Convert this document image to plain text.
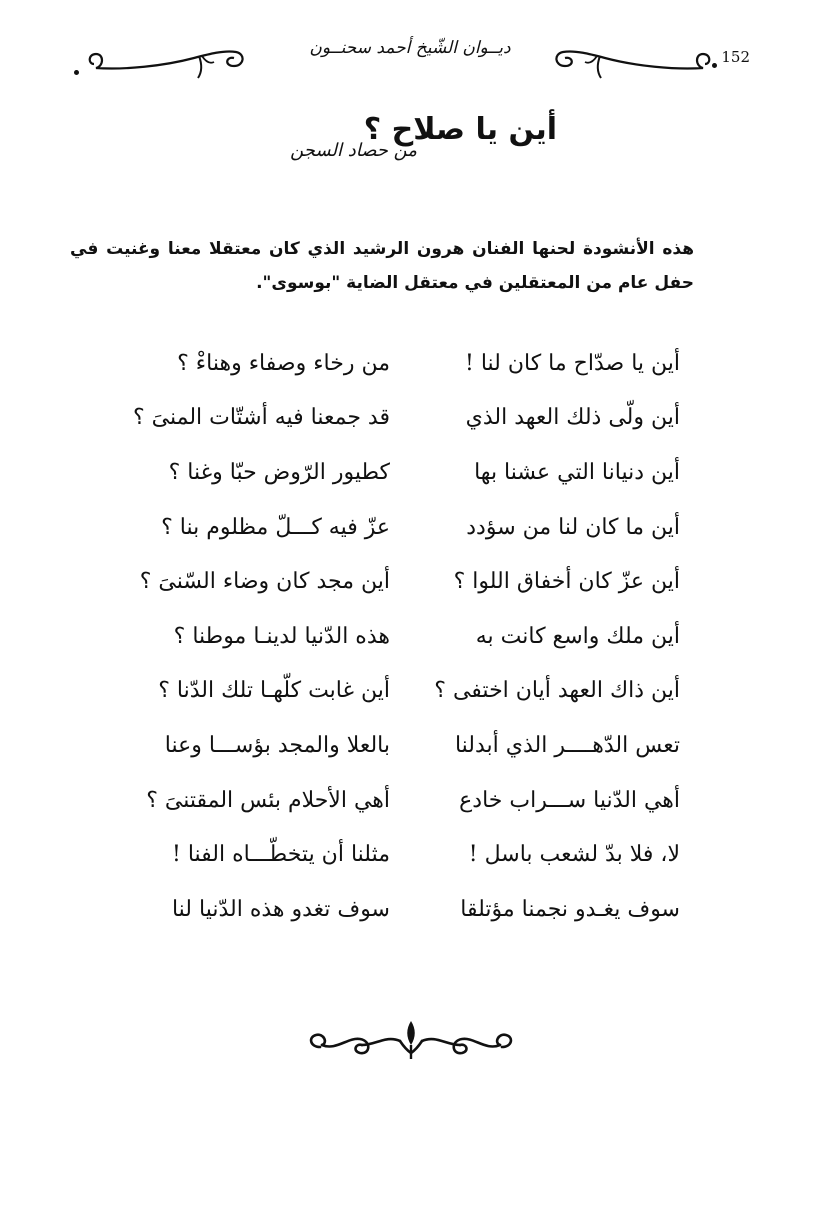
ديــوان الشّيخ أحمد سحنــون	152
أين يا صلاح ؟
من حصاد السجن
هذه الأنشودة لحنها الفنان هرون الرشيد الذي كان معتقلا معنا وغنيت في حفل عام من المعتقلين في معتقل الضاية "بوسوى".
أين يا صدّاح ما كان لنا !
من رخاء وصفاء وهناءْ ؟
أين ولّى ذلك العهد الذي
قد جمعنا فيه أشتّات المنىَ ؟
أين دنيانا التي عشنا بها
كطيور الرّوض حبّا وغنا ؟
أين ما كان لنا من سؤدد
عزّ فيه كـــلّ مظلوم بنا ؟
أين عزّ كان أخفاق اللوا ؟
أين مجد كان وضاء السّنىَ ؟
أين ملك واسع كانت به
هذه الدّنيا لدينـا موطنا ؟
أين ذاك العهد أيان اختفى ؟
أين غابت كلّهـا تلك الدّنا ؟
تعس الدّهــــر الذي أبدلنا
بالعلا والمجد بؤســـا وعنا
أهي الدّنيا ســـراب خادع
أهي الأحلام بئس المقتنىَ ؟
لا، فلا بدّ لشعب باسل !
مثلنا أن يتخطّـــاه الفنا !
سوف يغـدو نجمنا مؤتلقا
سوف تغدو هذه الدّنيا لنا
